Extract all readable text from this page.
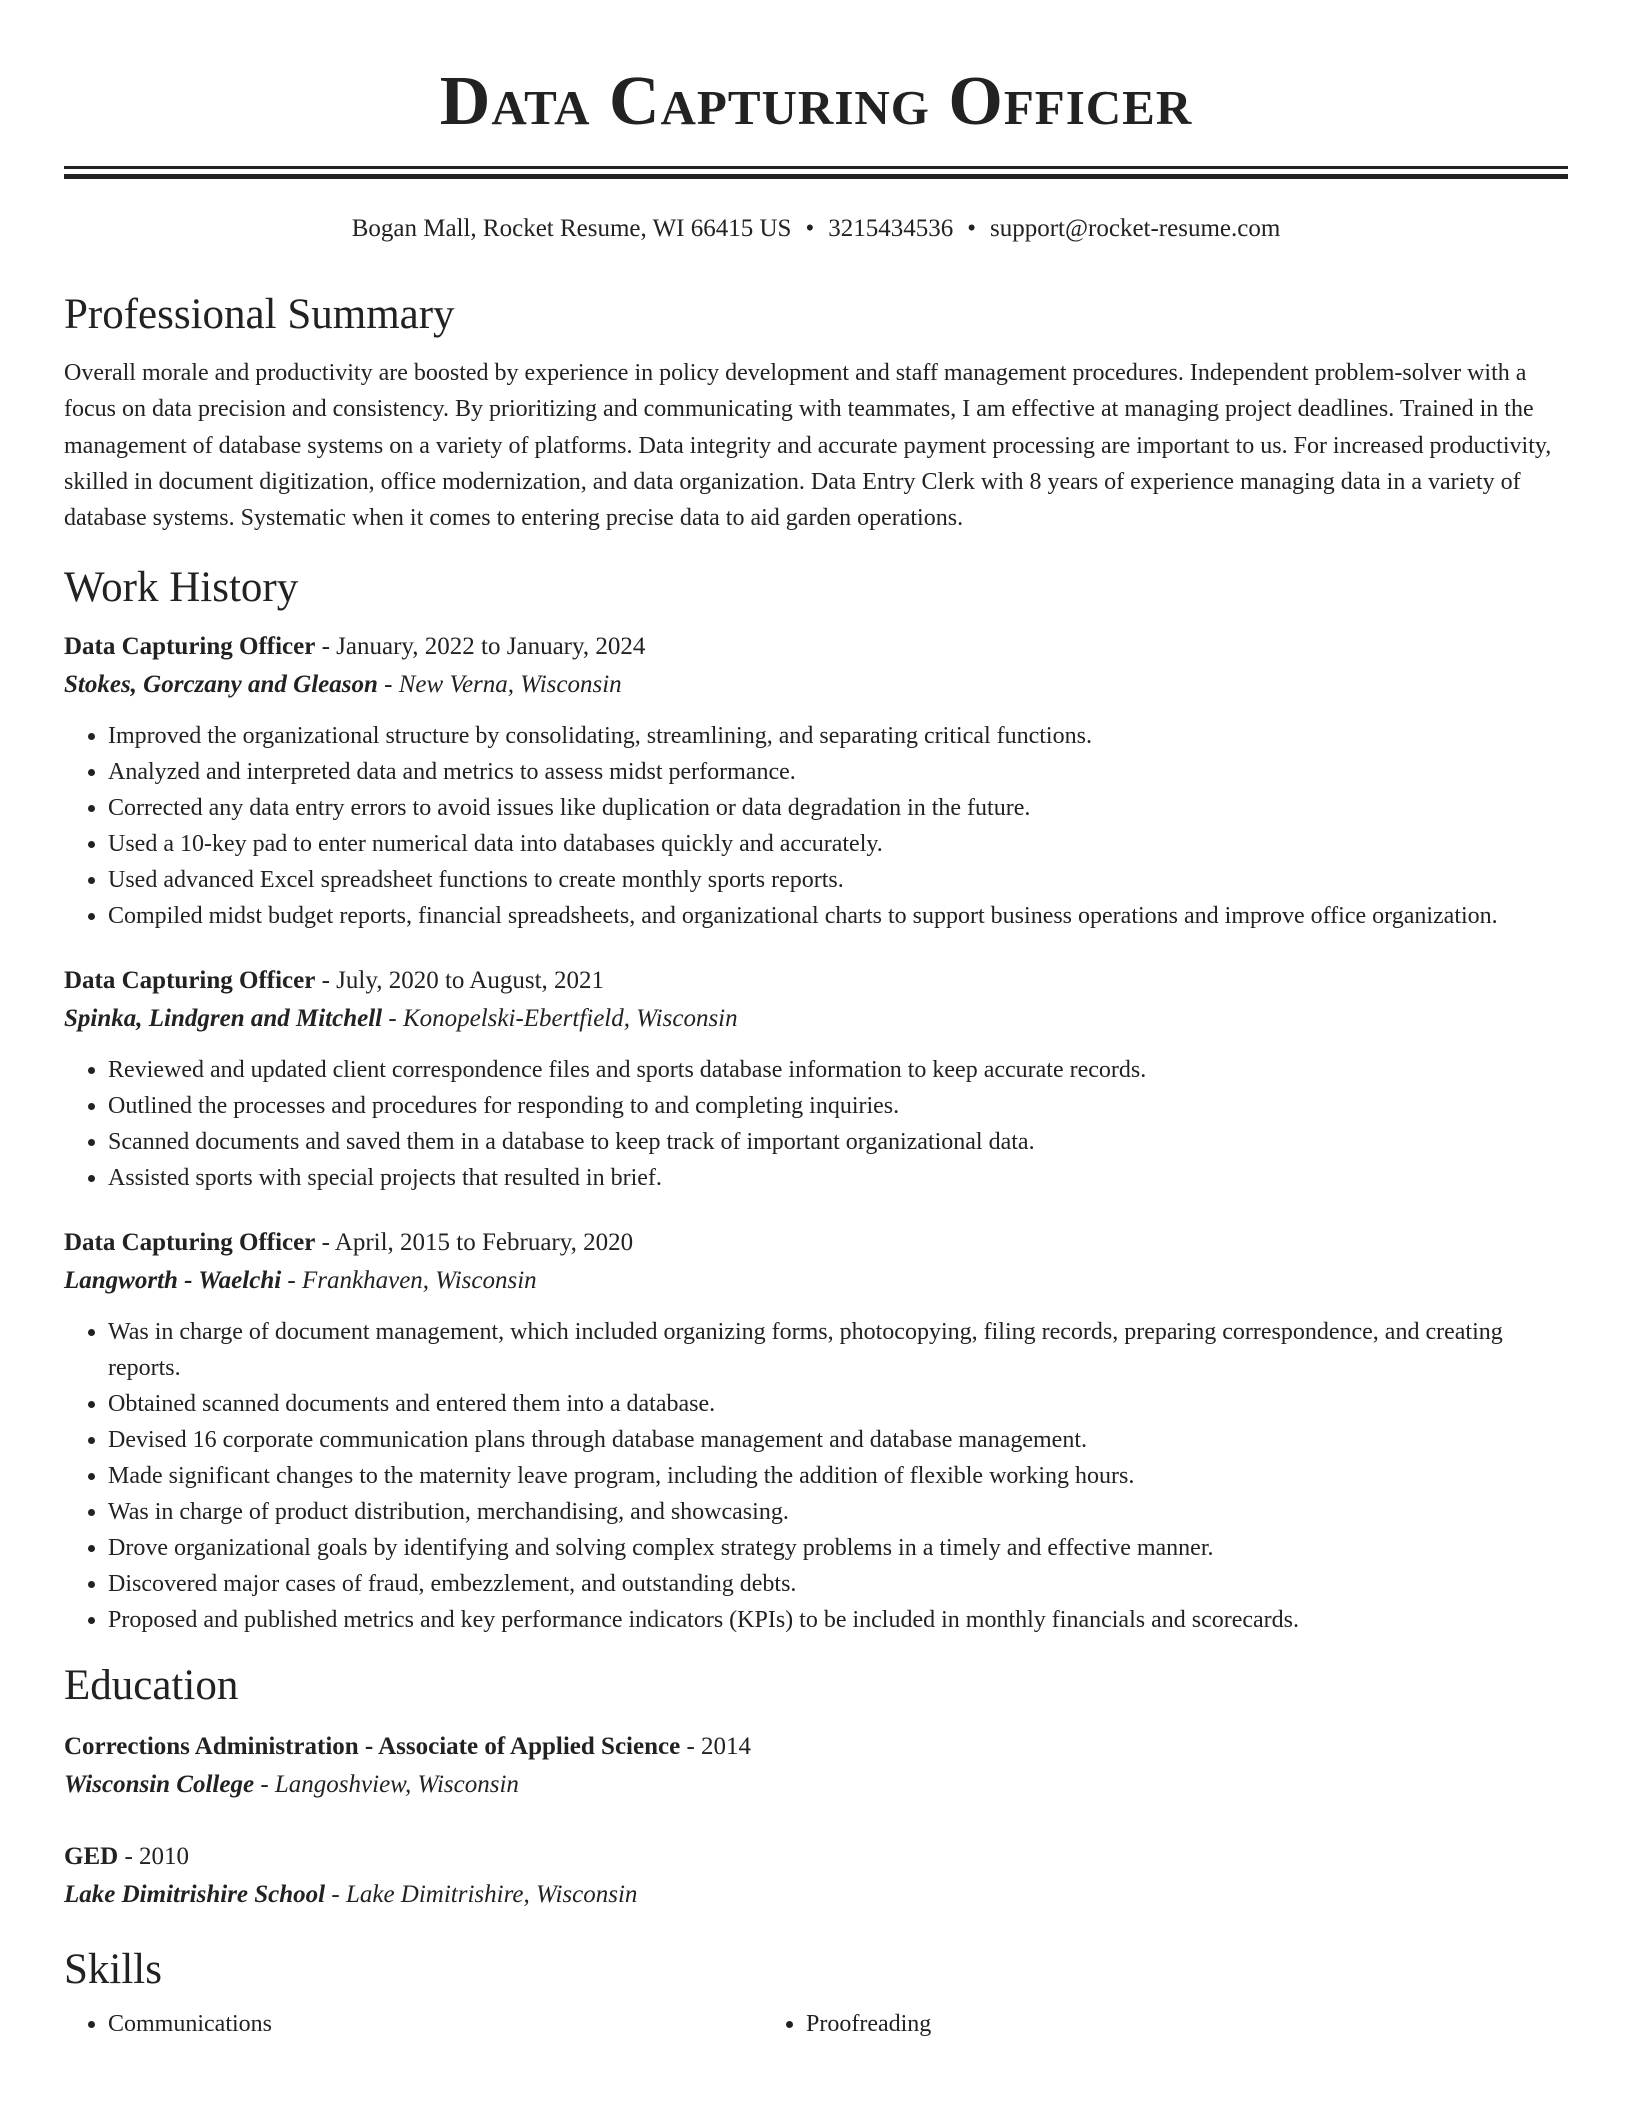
Data Capturing Officer
Bogan Mall, Rocket Resume, WI 66415 US • 3215434536 • support@rocket-resume.com
Professional Summary
Overall morale and productivity are boosted by experience in policy development and staff management procedures. Independent problem-solver with a focus on data precision and consistency. By prioritizing and communicating with teammates, I am effective at managing project deadlines. Trained in the management of database systems on a variety of platforms. Data integrity and accurate payment processing are important to us. For increased productivity, skilled in document digitization, office modernization, and data organization. Data Entry Clerk with 8 years of experience managing data in a variety of database systems. Systematic when it comes to entering precise data to aid garden operations.
Work History
Data Capturing Officer - January, 2022 to January, 2024
Stokes, Gorczany and Gleason - New Verna, Wisconsin
• Improved the organizational structure by consolidating, streamlining, and separating critical functions.
• Analyzed and interpreted data and metrics to assess midst performance.
• Corrected any data entry errors to avoid issues like duplication or data degradation in the future.
• Used a 10-key pad to enter numerical data into databases quickly and accurately.
• Used advanced Excel spreadsheet functions to create monthly sports reports.
• Compiled midst budget reports, financial spreadsheets, and organizational charts to support business operations and improve office organization.
Data Capturing Officer - July, 2020 to August, 2021
Spinka, Lindgren and Mitchell - Konopelski-Ebertfield, Wisconsin
• Reviewed and updated client correspondence files and sports database information to keep accurate records.
• Outlined the processes and procedures for responding to and completing inquiries.
• Scanned documents and saved them in a database to keep track of important organizational data.
• Assisted sports with special projects that resulted in brief.
Data Capturing Officer - April, 2015 to February, 2020
Langworth - Waelchi - Frankhaven, Wisconsin
• Was in charge of document management, which included organizing forms, photocopying, filing records, preparing correspondence, and creating reports.
• Obtained scanned documents and entered them into a database.
• Devised 16 corporate communication plans through database management and database management.
• Made significant changes to the maternity leave program, including the addition of flexible working hours.
• Was in charge of product distribution, merchandising, and showcasing.
• Drove organizational goals by identifying and solving complex strategy problems in a timely and effective manner.
• Discovered major cases of fraud, embezzlement, and outstanding debts.
• Proposed and published metrics and key performance indicators (KPIs) to be included in monthly financials and scorecards.
Education
Corrections Administration - Associate of Applied Science - 2014
Wisconsin College - Langoshview, Wisconsin
GED - 2010
Lake Dimitrishire School - Lake Dimitrishire, Wisconsin
Skills
• Communications
•	Proofreading
